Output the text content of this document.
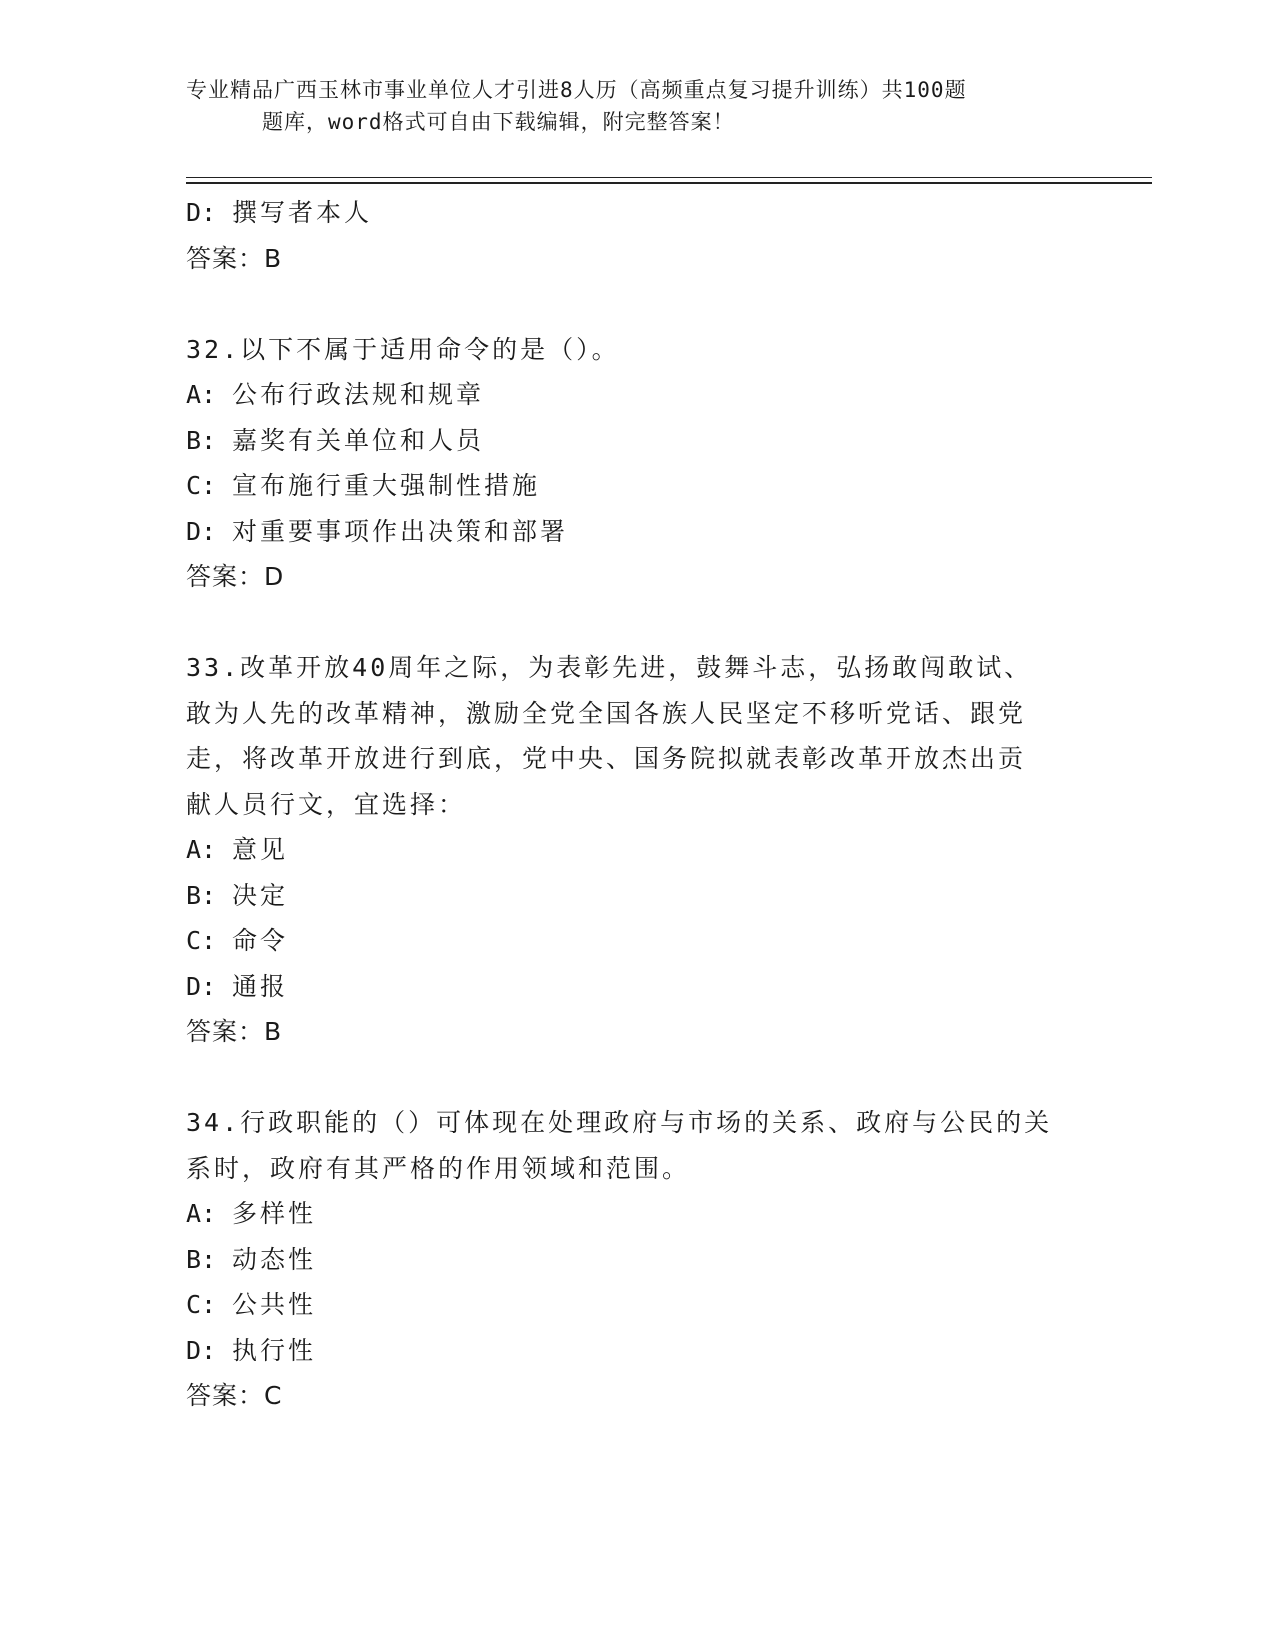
专业精品广西玉林市事业单位人才引进8人历（高频重点复习提升训练）共100题
题库，word格式可自由下载编辑，附完整答案！
D: 撰写者本人
答案：B
32.以下不属于适用命令的是（）。
A: 公布行政法规和规章
B: 嘉奖有关单位和人员
C: 宣布施行重大强制性措施
D: 对重要事项作出决策和部署
答案：D
33.改革开放40周年之际，为表彰先进，鼓舞斗志，弘扬敢闯敢试、
敢为人先的改革精神，激励全党全国各族人民坚定不移听党话、跟党
走，将改革开放进行到底，党中央、国务院拟就表彰改革开放杰出贡
献人员行文，宜选择：
A: 意见
B: 决定
C: 命令
D: 通报
答案：B
34.行政职能的（）可体现在处理政府与市场的关系、政府与公民的关
系时，政府有其严格的作用领域和范围。
A: 多样性
B: 动态性
C: 公共性
D: 执行性
答案：C
